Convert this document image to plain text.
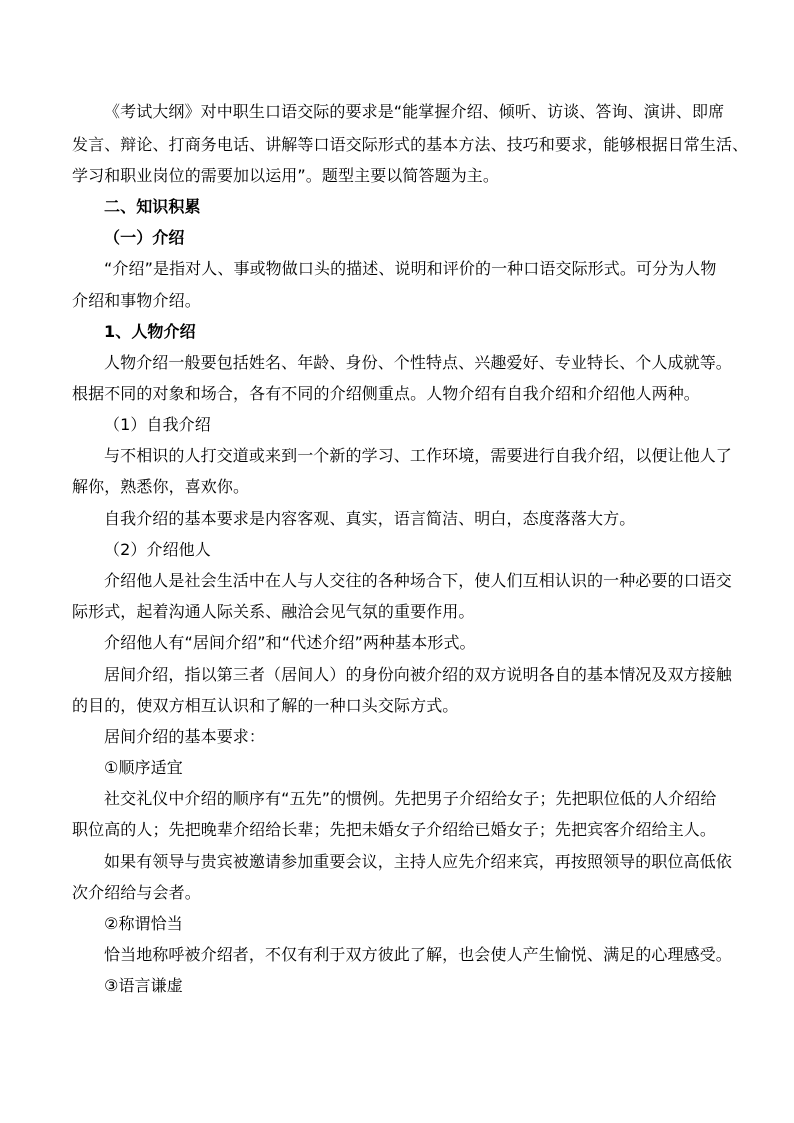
《考试大纲》对中职生口语交际的要求是“能掌握介绍、倾听、访谈、答询、演讲、即席
发言、辩论、打商务电话、讲解等口语交际形式的基本方法、技巧和要求，能够根据日常生活、
学习和职业岗位的需要加以运用”。题型主要以简答题为主。
二、知识积累
（一）介绍
“介绍”是指对人、事或物做口头的描述、说明和评价的一种口语交际形式。可分为人物
介绍和事物介绍。
1、人物介绍
人物介绍一般要包括姓名、年龄、身份、个性特点、兴趣爱好、专业特长、个人成就等。
根据不同的对象和场合，各有不同的介绍侧重点。人物介绍有自我介绍和介绍他人两种。
（1）自我介绍
与不相识的人打交道或来到一个新的学习、工作环境，需要进行自我介绍，以便让他人了
解你，熟悉你，喜欢你。
自我介绍的基本要求是内容客观、真实，语言简洁、明白，态度落落大方。
（2）介绍他人
介绍他人是社会生活中在人与人交往的各种场合下，使人们互相认识的一种必要的口语交
际形式，起着沟通人际关系、融洽会见气氛的重要作用。
介绍他人有“居间介绍”和“代述介绍”两种基本形式。
居间介绍，指以第三者（居间人）的身份向被介绍的双方说明各自的基本情况及双方接触
的目的，使双方相互认识和了解的一种口头交际方式。
居间介绍的基本要求：
①顺序适宜
社交礼仪中介绍的顺序有“五先”的惯例。先把男子介绍给女子；先把职位低的人介绍给
职位高的人；先把晚辈介绍给长辈；先把未婚女子介绍给已婚女子；先把宾客介绍给主人。
如果有领导与贵宾被邀请参加重要会议，主持人应先介绍来宾，再按照领导的职位高低依
次介绍给与会者。
②称谓恰当
恰当地称呼被介绍者，不仅有利于双方彼此了解，也会使人产生愉悦、满足的心理感受。
③语言谦虚
